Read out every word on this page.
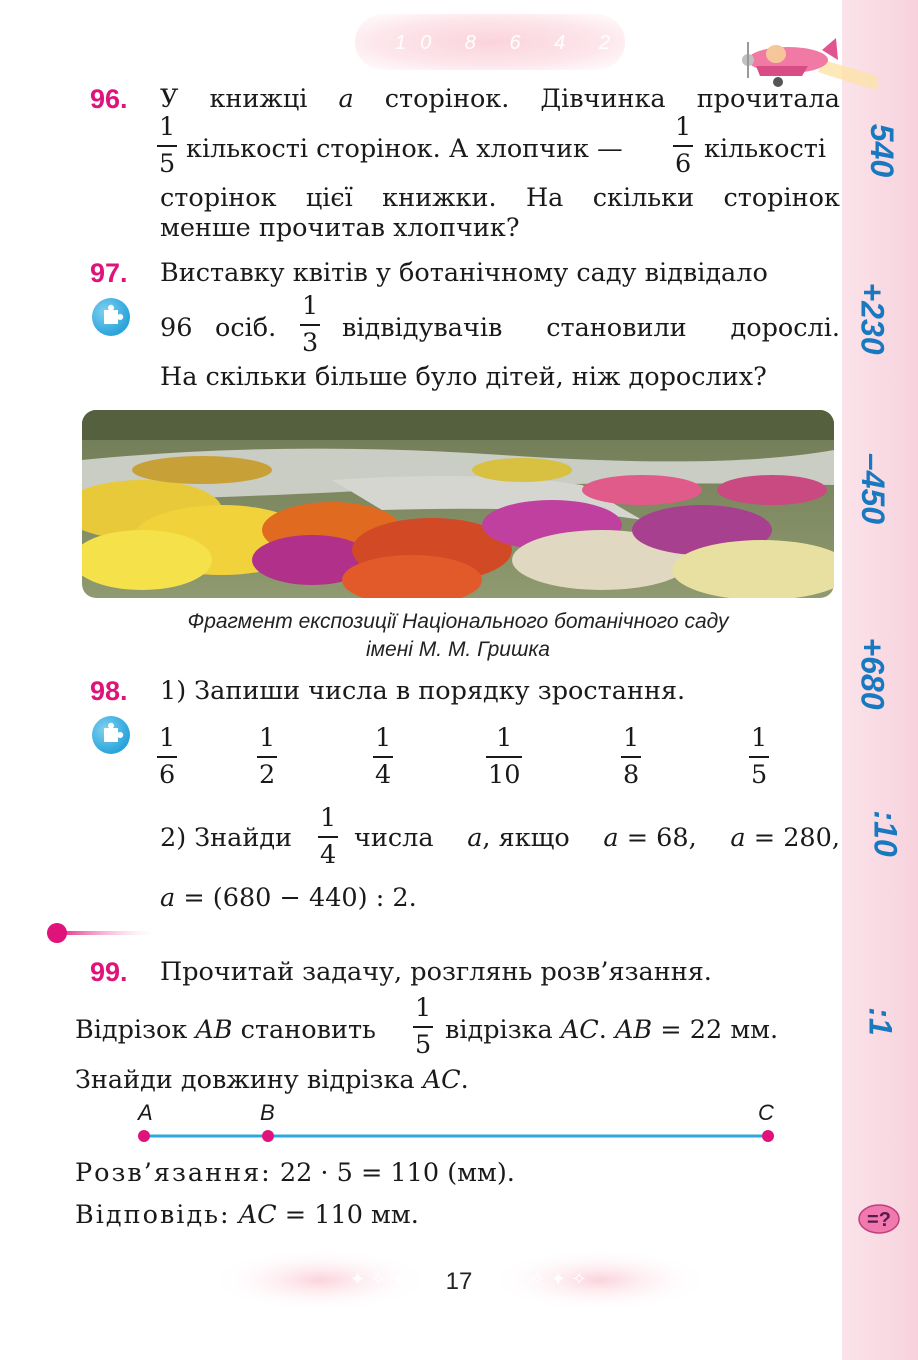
540
+230
–450
+680
:10
:1
10 8 6 4 2
96. У книжці a сторінок. Дівчинка прочитала
1
5 кількості сторінок. А хлопчик —
1
6 кількості
сторінок цієї книжки. На скільки сторінок
менше прочитав хлопчик?
97. Виставку квітів у ботанічному саду відвідало
96 осіб.
1
3 відвідувачів становили дорослі.
На скільки більше було дітей, ніж дорослих?
Фрагмент експозиції Національного ботанічного саду
імені М. М. Гришка
98. 1) Запиши числа в порядку зростання.
1
6
1
2
1
4
1
10
1
8
1
5
2) Знайди
1
4
числа a, якщо a = 68, a = 280,
a = (680 − 440) : 2.
99. Прочитай задачу, розглянь розв’язання.
Відрізок AB становить
1
5 відрізка AC. AB = 22 мм.
Знайди довжину відрізка AC.
A	B	C
Розв’язання: 22 · 5 = 110 (мм).
Відповідь: AC = 110 мм.	=?
✦ ✧ ✦	✧ ✦ ✧
17
